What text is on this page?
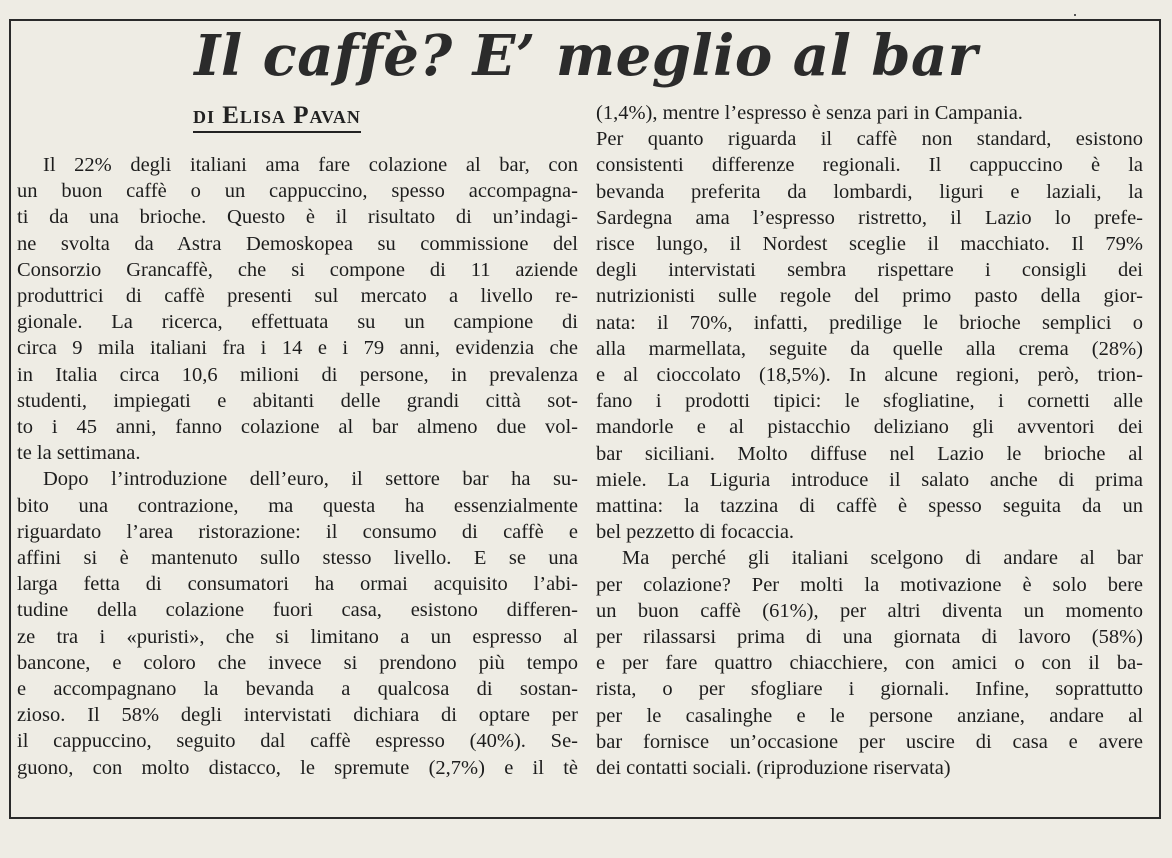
Il caffè? E’ meglio al bar
di Elisa Pavan
Il 22% degli italiani ama fare colazione al bar, con
un buon caffè o un cappuccino, spesso accompagna-
ti da una brioche. Questo è il risultato di un’indagi-
ne svolta da Astra Demoskopea su commissione del
Consorzio Grancaffè, che si compone di 11 aziende
produttrici di caffè presenti sul mercato a livello re-
gionale. La ricerca, effettuata su un campione di
circa 9 mila italiani fra i 14 e i 79 anni, evidenzia che
in Italia circa 10,6 milioni di persone, in prevalenza
studenti, impiegati e abitanti delle grandi città sot-
to i 45 anni, fanno colazione al bar almeno due vol-
te la settimana.
Dopo l’introduzione dell’euro, il settore bar ha su-
bito una contrazione, ma questa ha essenzialmente
riguardato l’area ristorazione: il consumo di caffè e
affini si è mantenuto sullo stesso livello. E se una
larga fetta di consumatori ha ormai acquisito l’abi-
tudine della colazione fuori casa, esistono differen-
ze tra i «puristi», che si limitano a un espresso al
bancone, e coloro che invece si prendono più tempo
e accompagnano la bevanda a qualcosa di sostan-
zioso. Il 58% degli intervistati dichiara di optare per
il cappuccino, seguito dal caffè espresso (40%). Se-
guono, con molto distacco, le spremute (2,7%) e il tè
(1,4%), mentre l’espresso è senza pari in Campania.
Per quanto riguarda il caffè non standard, esistono
consistenti differenze regionali. Il cappuccino è la
bevanda preferita da lombardi, liguri e laziali, la
Sardegna ama l’espresso ristretto, il Lazio lo prefe-
risce lungo, il Nordest sceglie il macchiato. Il 79%
degli intervistati sembra rispettare i consigli dei
nutrizionisti sulle regole del primo pasto della gior-
nata: il 70%, infatti, predilige le brioche semplici o
alla marmellata, seguite da quelle alla crema (28%)
e al cioccolato (18,5%). In alcune regioni, però, trion-
fano i prodotti tipici: le sfogliatine, i cornetti alle
mandorle e al pistacchio deliziano gli avventori dei
bar siciliani. Molto diffuse nel Lazio le brioche al
miele. La Liguria introduce il salato anche di prima
mattina: la tazzina di caffè è spesso seguita da un
bel pezzetto di focaccia.
Ma perché gli italiani scelgono di andare al bar
per colazione? Per molti la motivazione è solo bere
un buon caffè (61%), per altri diventa un momento
per rilassarsi prima di una giornata di lavoro (58%)
e per fare quattro chiacchiere, con amici o con il ba-
rista, o per sfogliare i giornali. Infine, soprattutto
per le casalinghe e le persone anziane, andare al
bar fornisce un’occasione per uscire di casa e avere
dei contatti sociali. (riproduzione riservata)
